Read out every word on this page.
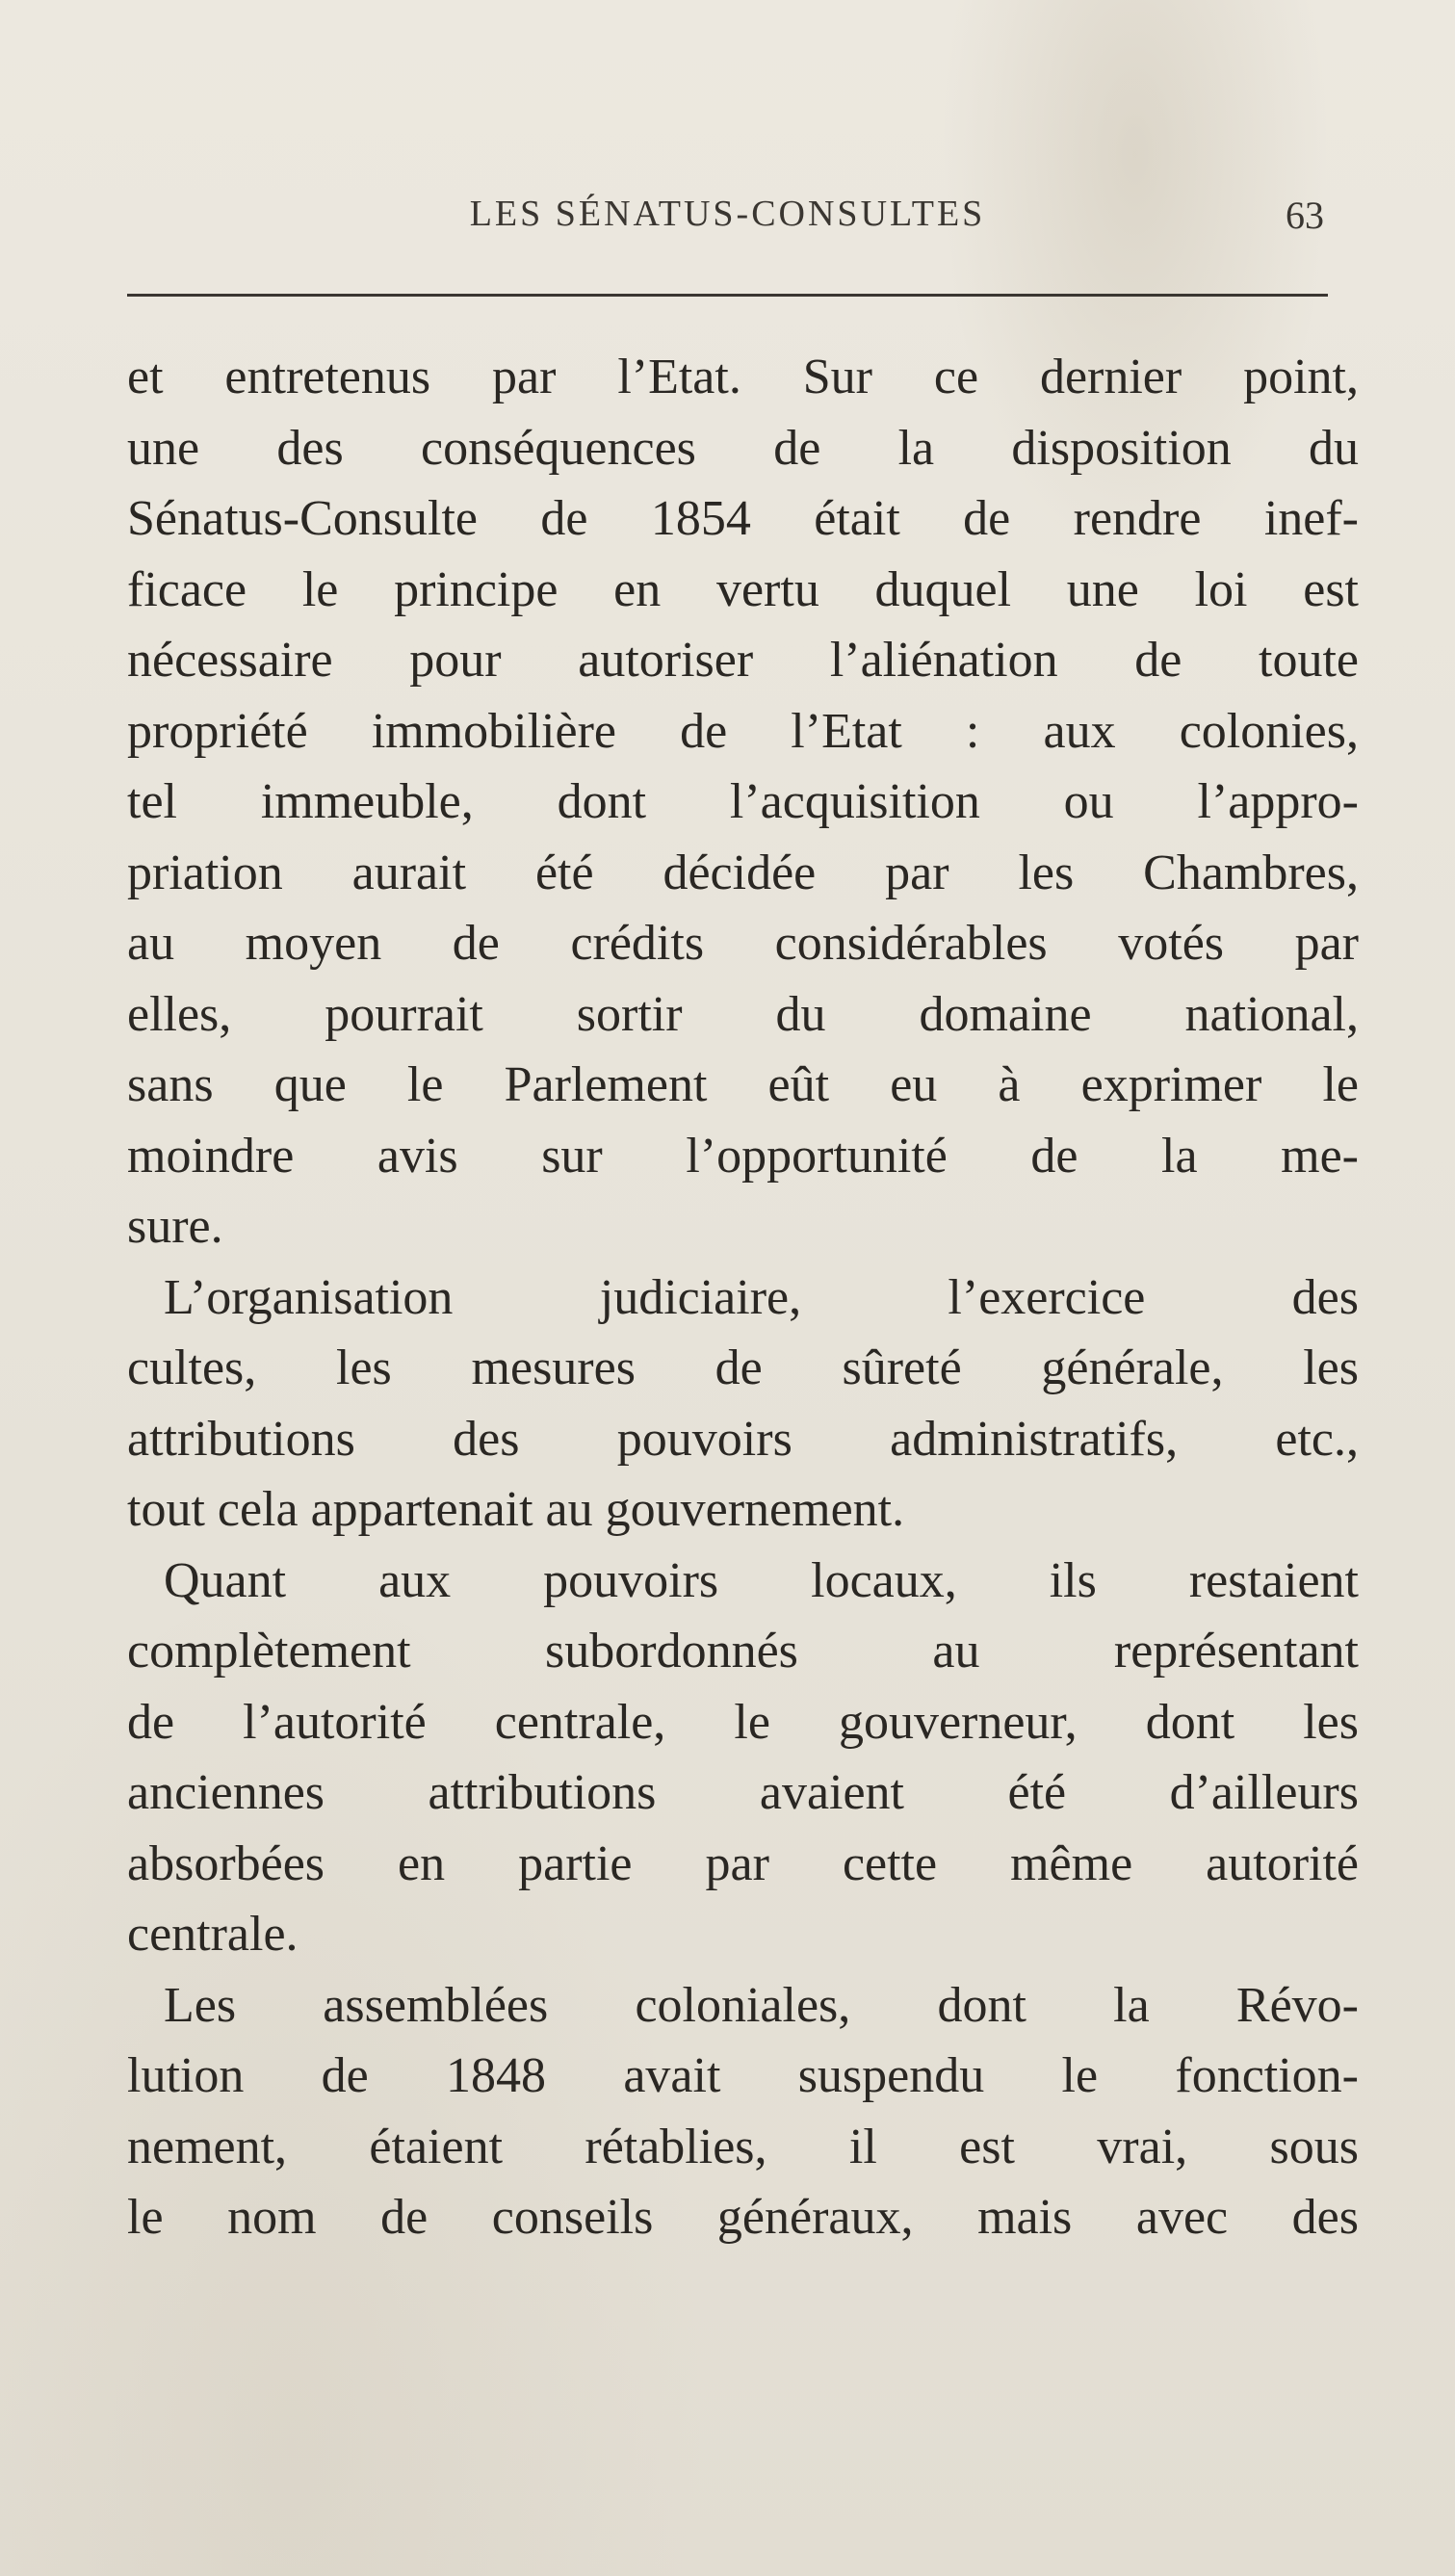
LES SÉNATUS-CONSULTES	63
et entretenus par l’Etat. Sur ce dernier point,
une des conséquences de la disposition du
Sénatus-Consulte de 1854 était de rendre inef-
ficace le principe en vertu duquel une loi est
nécessaire pour autoriser l’aliénation de toute
propriété immobilière de l’Etat : aux colonies,
tel immeuble, dont l’acquisition ou l’appro-
priation aurait été décidée par les Chambres,
au moyen de crédits considérables votés par
elles, pourrait sortir du domaine national,
sans que le Parlement eût eu à exprimer le
moindre avis sur l’opportunité de la me-
sure.
L’organisation judiciaire, l’exercice des
cultes, les mesures de sûreté générale, les
attributions des pouvoirs administratifs, etc.,
tout cela appartenait au gouvernement.
Quant aux pouvoirs locaux, ils restaient
complètement subordonnés au représentant
de l’autorité centrale, le gouverneur, dont les
anciennes attributions avaient été d’ailleurs
absorbées en partie par cette même autorité
centrale.
Les assemblées coloniales, dont la Révo-
lution de 1848 avait suspendu le fonction-
nement, étaient rétablies, il est vrai, sous
le nom de conseils généraux, mais avec des
